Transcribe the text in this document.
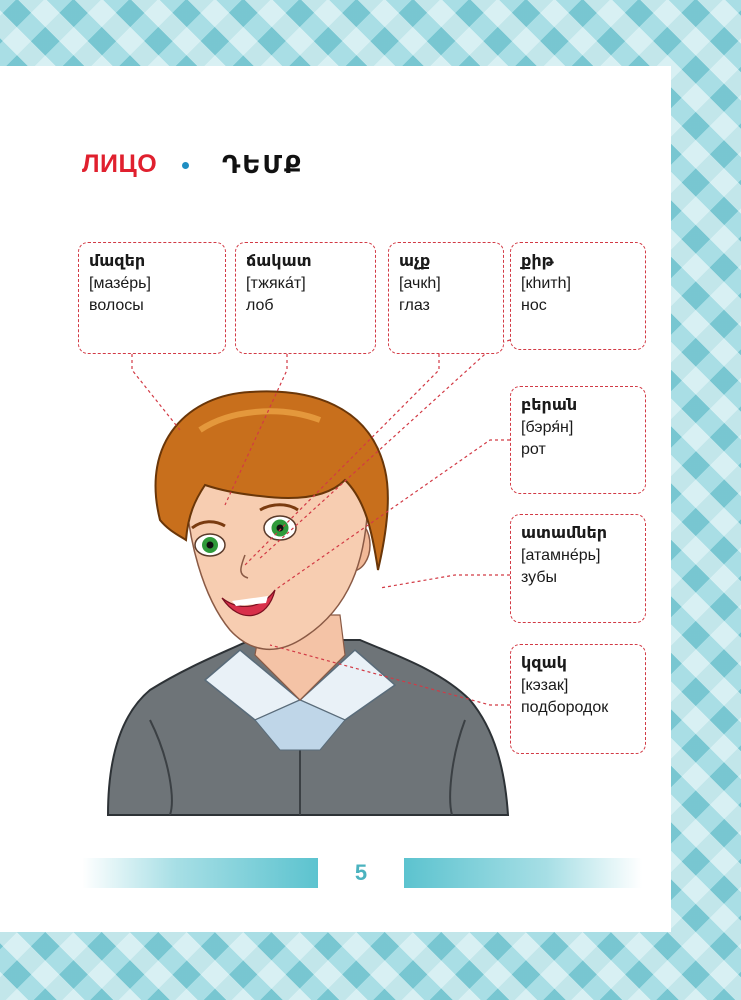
ЛИЦО	ԴԵՄՔ
մազեր
[мазе́рь]
волосы
ճակատ
[тжяка́т]
лоб
աչք
[ачкh]
глаз
քիթ
[кhитh]
нос
բերան
[бэря́н]
рот
ատամներ
[атамне́рь]
зубы
կզակ
[кэзак]
подбородок
5
